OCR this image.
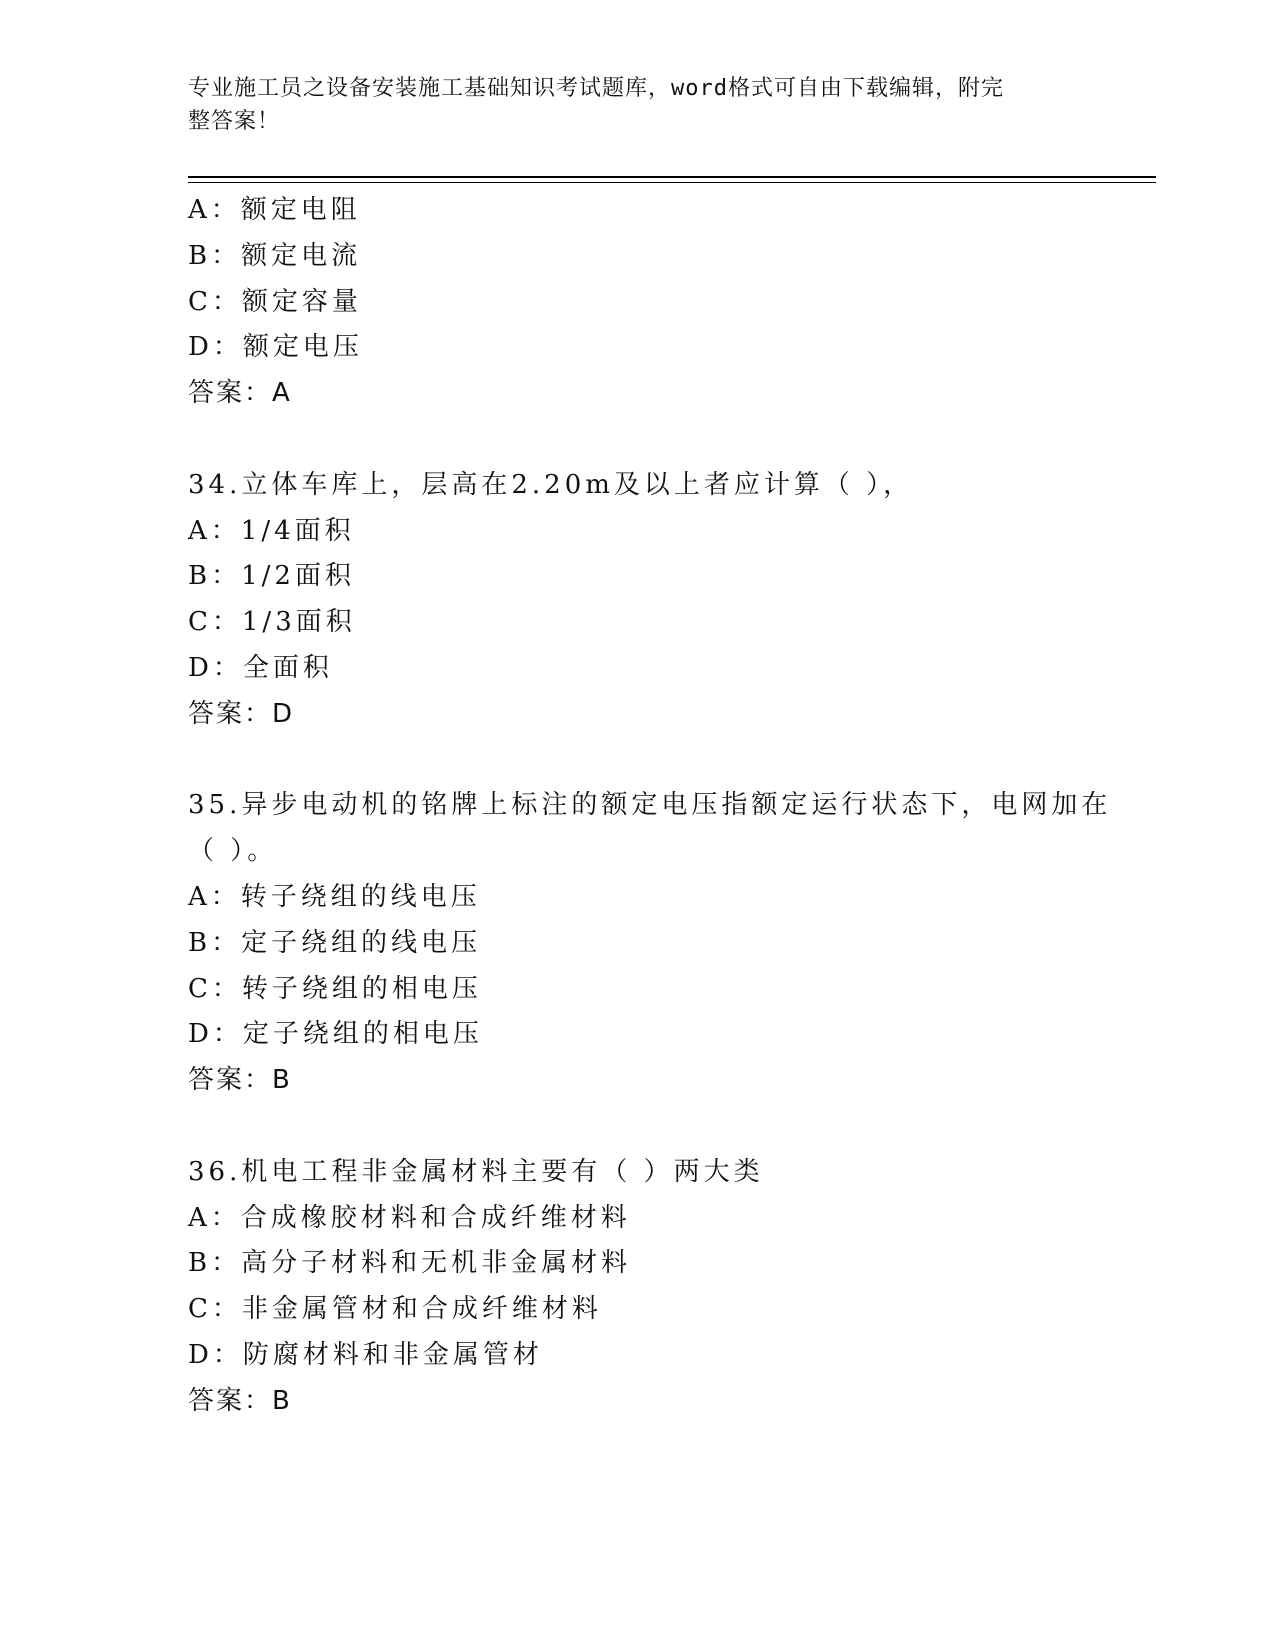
专业施工员之设备安装施工基础知识考试题库，word格式可自由下载编辑，附完
整答案！
A：额定电阻
B：额定电流
C：额定容量
D：额定电压
答案：A
34.立体车库上，层高在2.20m及以上者应计算（ ），
A：1/4面积
B：1/2面积
C：1/3面积
D：全面积
答案：D
35.异步电动机的铭牌上标注的额定电压指额定运行状态下，电网加在
（ ）。
A：转子绕组的线电压
B：定子绕组的线电压
C：转子绕组的相电压
D：定子绕组的相电压
答案：B
36.机电工程非金属材料主要有（ ）两大类
A：合成橡胶材料和合成纤维材料
B：高分子材料和无机非金属材料
C：非金属管材和合成纤维材料
D：防腐材料和非金属管材
答案：B
